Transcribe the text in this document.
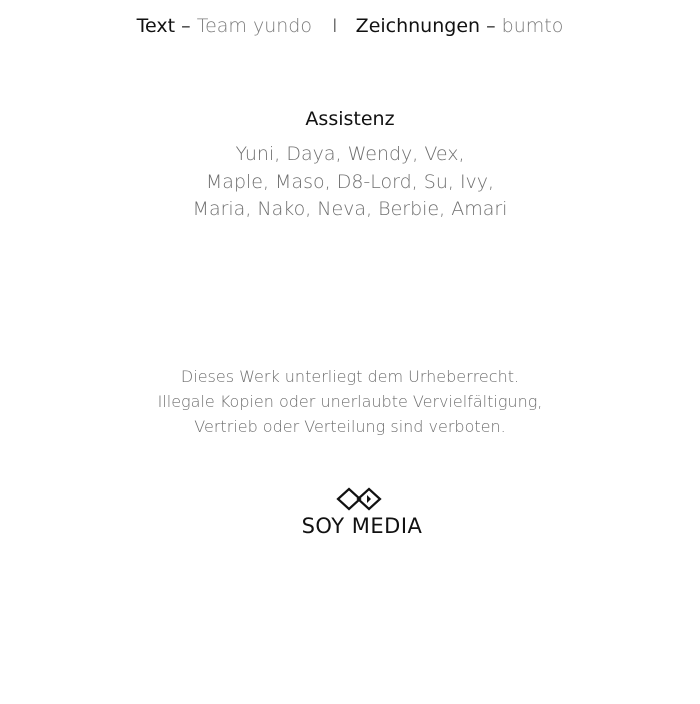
Text – Team yundo I Zeichnungen – bumto
Assistenz
Yuni, Daya, Wendy, Vex,
Maple, Maso, D8-Lord, Su, Ivy,
Maria, Nako, Neva, Berbie, Amari
Dieses Werk unterliegt dem Urheberrecht.
Illegale Kopien oder unerlaubte Vervielfältigung,
Vertrieb oder Verteilung sind verboten.
SOY MEDIA
